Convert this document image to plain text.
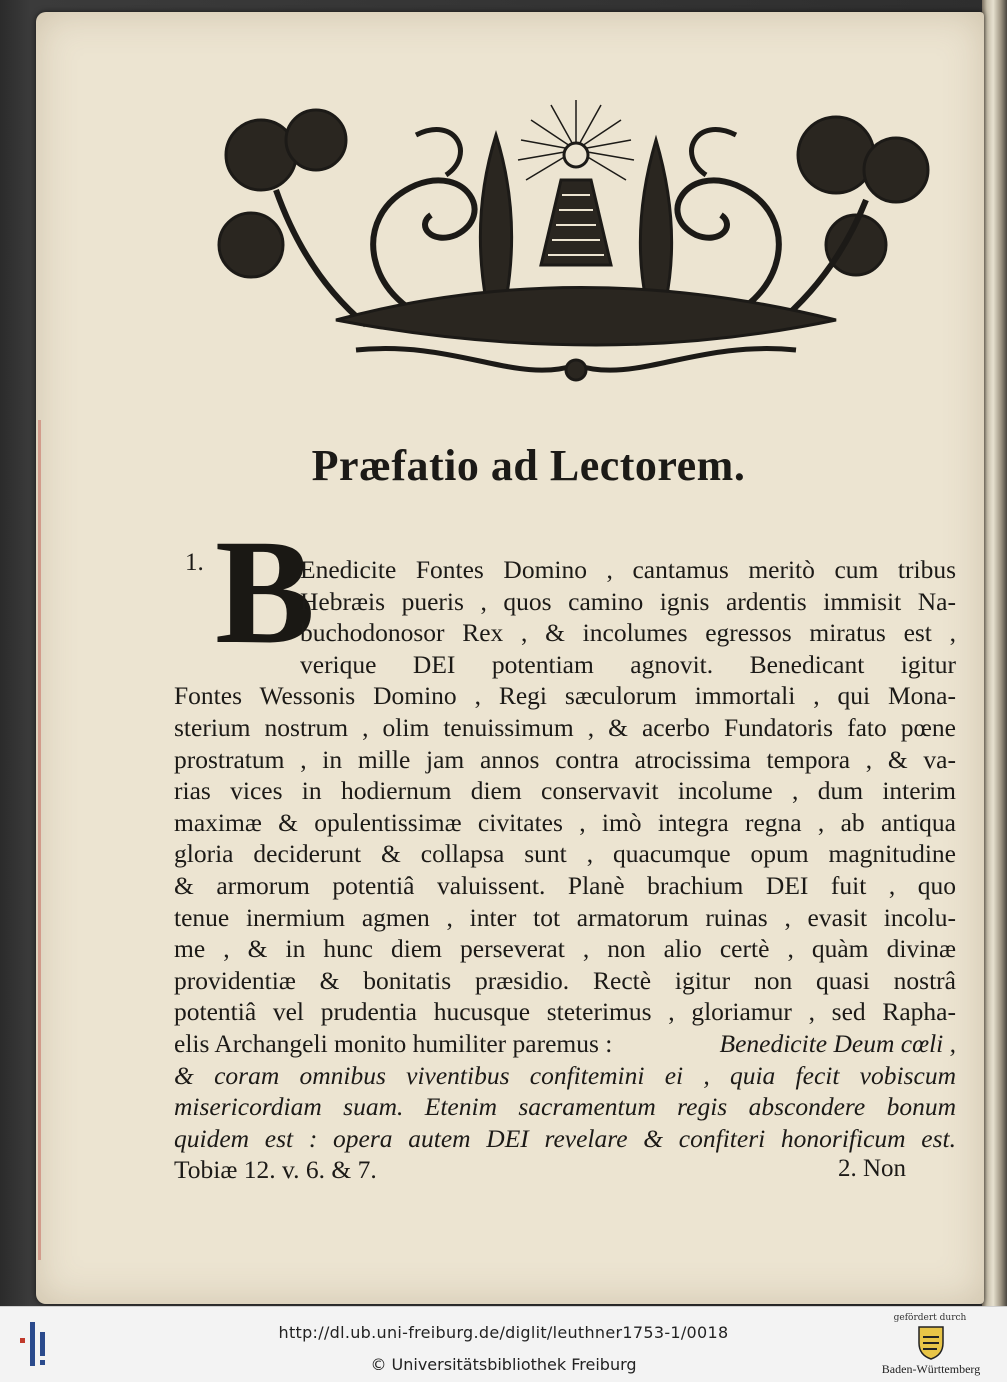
Præfatio ad Lectorem.
1. B
Enedicite Fontes Domino , cantamus meritò cum tribus
Hebræis pueris , quos camino ignis ardentis immisit Na-
buchodonosor Rex , & incolumes egressos miratus est ,
verique DEI potentiam agnovit. Benedicant igitur
Fontes Wessonis Domino , Regi sæculorum immortali , qui Mona-
sterium nostrum , olim tenuissimum , & acerbo Fundatoris fato pœne
prostratum , in mille jam annos contra atrocissima tempora , & va-
rias vices in hodiernum diem conservavit incolume , dum interim
maximæ & opulentissimæ civitates , imò integra regna , ab antiqua
gloria deciderunt & collapsa sunt , quacumque opum magnitudine
& armorum potentiâ valuissent. Planè brachium DEI fuit , quo
tenue inermium agmen , inter tot armatorum ruinas , evasit incolu-
me , & in hunc diem perseverat , non alio certè , quàm divinæ
providentiæ & bonitatis præsidio. Rectè igitur non quasi nostrâ
potentiâ vel prudentia hucusque steterimus , gloriamur , sed Rapha-
elis Archangeli monito humiliter paremus :	Benedicite Deum cœli ,
& coram omnibus viventibus confitemini ei , quia fecit vobiscum
misericordiam suam. Etenim sacramentum regis abscondere bonum
quidem est : opera autem DEI revelare & confiteri honorificum est.
Tobiæ 12. v. 6. & 7.	2. Non
http://dl.ub.uni-freiburg.de/diglit/leuthner1753-1/0018
© Universitätsbibliothek Freiburg
gefördert durch
Baden-Württemberg
